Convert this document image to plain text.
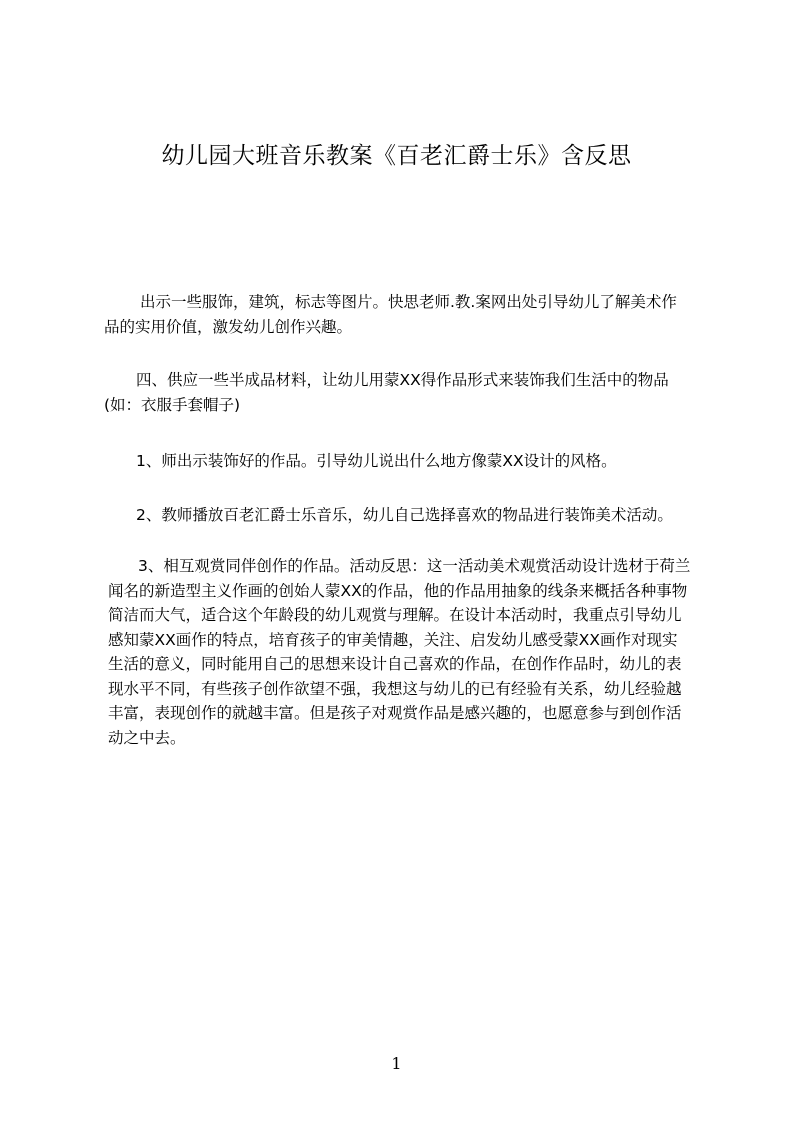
幼儿园大班音乐教案《百老汇爵士乐》含反思
出示一些服饰，建筑，标志等图片。快思老师.教.案网出处引导幼儿了解美术作
品的实用价值，激发幼儿创作兴趣。
四、供应一些半成品材料，让幼儿用蒙XX得作品形式来装饰我们生活中的物品
(如：衣服手套帽子)
1、师出示装饰好的作品。引导幼儿说出什么地方像蒙XX设计的风格。
2、教师播放百老汇爵士乐音乐，幼儿自己选择喜欢的物品进行装饰美术活动。
3、相互观赏同伴创作的作品。活动反思：这一活动美术观赏活动设计选材于荷兰
闻名的新造型主义作画的创始人蒙XX的作品，他的作品用抽象的线条来概括各种事物
简洁而大气，适合这个年龄段的幼儿观赏与理解。在设计本活动时，我重点引导幼儿
感知蒙XX画作的特点，培育孩子的审美情趣，关注、启发幼儿感受蒙XX画作对现实
生活的意义，同时能用自己的思想来设计自己喜欢的作品，在创作作品时，幼儿的表
现水平不同，有些孩子创作欲望不强，我想这与幼儿的已有经验有关系，幼儿经验越
丰富，表现创作的就越丰富。但是孩子对观赏作品是感兴趣的，也愿意参与到创作活
动之中去。
1
